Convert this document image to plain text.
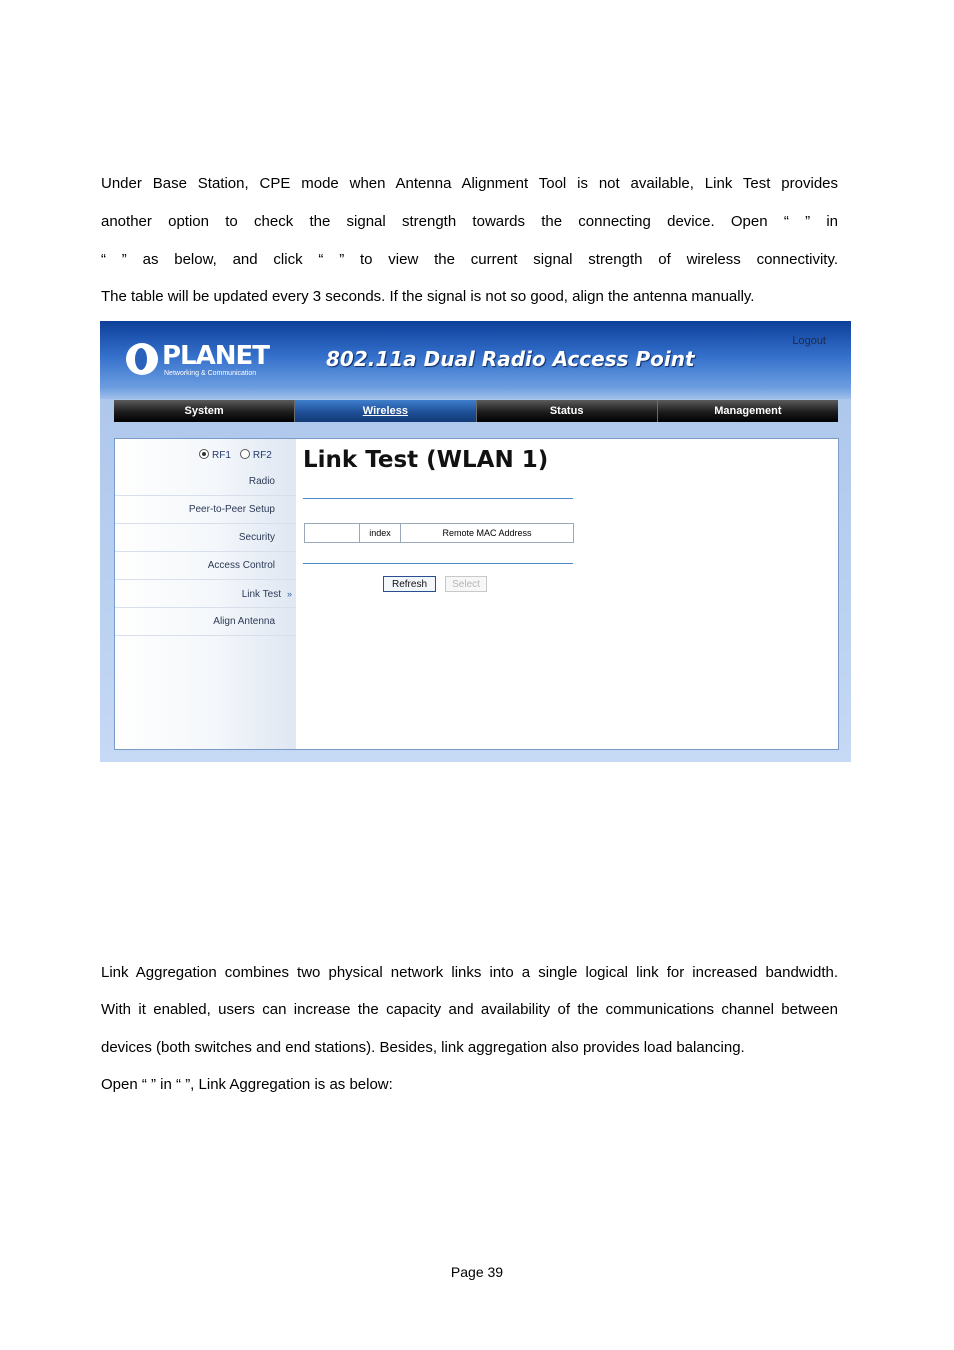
Under Base Station, CPE mode when Antenna Alignment Tool is not available, Link Test provides
another option to check the signal strength towards the connecting device. Open “ ” in
“ ” as below, and click “ ” to view the current signal strength of wireless connectivity.
The table will be updated every 3 seconds. If the signal is not so good, align the antenna manually.
PLANET
Networking & Communication
802.11a Dual Radio Access Point
Logout
System	Wireless	Status	Management
RF1 RF2
Radio
Peer-to-Peer Setup
Security
Access Control
Link Test »
Align Antenna
Link Test (WLAN 1)
index	Remote MAC Address
Refresh	Select
Link Aggregation combines two physical network links into a single logical link for increased bandwidth.
With it enabled, users can increase the capacity and availability of the communications channel between
devices (both switches and end stations). Besides, link aggregation also provides load balancing.
Open “ ” in “ ”, Link Aggregation is as below:
Page 39
